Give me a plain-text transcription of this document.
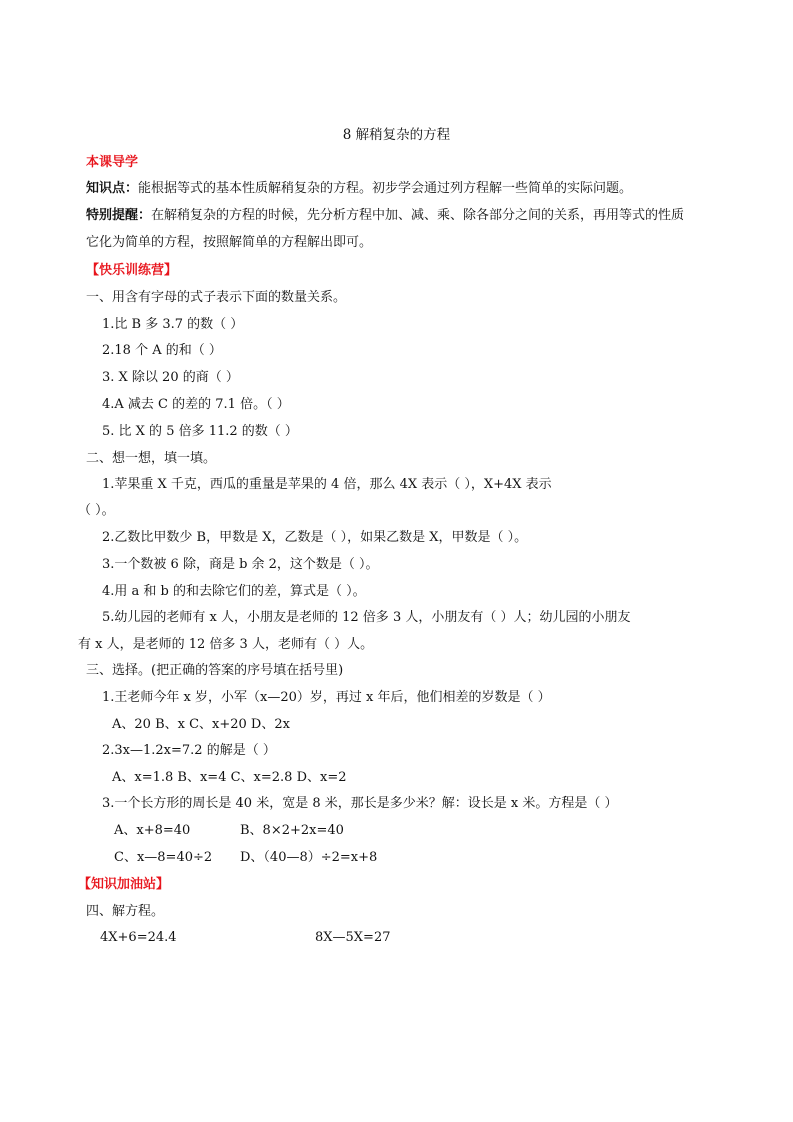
8 解稍复杂的方程
本课导学
知识点：能根据等式的基本性质解稍复杂的方程。初步学会通过列方程解一些简单的实际问题。
特别提醒：在解稍复杂的方程的时候，先分析方程中加、减、乘、除各部分之间的关系，再用等式的性质
它化为简单的方程，按照解简单的方程解出即可。
【快乐训练营】
一、用含有字母的式子表示下面的数量关系。
1.比 B 多 3.7 的数（ ）
2.18 个 A 的和（ ）
3. X 除以 20 的商（ ）
4.A 减去 C 的差的 7.1 倍。（ ）
5. 比 X 的 5 倍多 11.2 的数（ ）
二、想一想，填一填。
1.苹果重 X 千克，西瓜的重量是苹果的 4 倍，那么 4X 表示（ ），X+4X 表示
（ ）。
2.乙数比甲数少 B，甲数是 X，乙数是（ ），如果乙数是 X，甲数是（ ）。
3.一个数被 6 除，商是 b 余 2，这个数是（ ）。
4.用 a 和 b 的和去除它们的差，算式是（ ）。
5.幼儿园的老师有 x 人，小朋友是老师的 12 倍多 3 人，小朋友有（ ）人；幼儿园的小朋友
有 x 人，是老师的 12 倍多 3 人，老师有（ ）人。
三、选择。(把正确的答案的序号填在括号里)
1.王老师今年 x 岁，小军（x—20）岁，再过 x 年后，他们相差的岁数是（ ）
A、20 B、x C、x+20 D、2x
2.3x—1.2x=7.2 的解是（ ）
A、x=1.8 B、x=4 C、x=2.8 D、x=2
3.一个长方形的周长是 40 米，宽是 8 米，那长是多少米？解：设长是 x 米。方程是（ ）
A、x+8=40	B、8×2+2x=40
C、x—8=40÷2 D、（40—8）÷2=x+8
【知识加油站】
四、解方程。
4X+6=24.4	8X—5X=27
